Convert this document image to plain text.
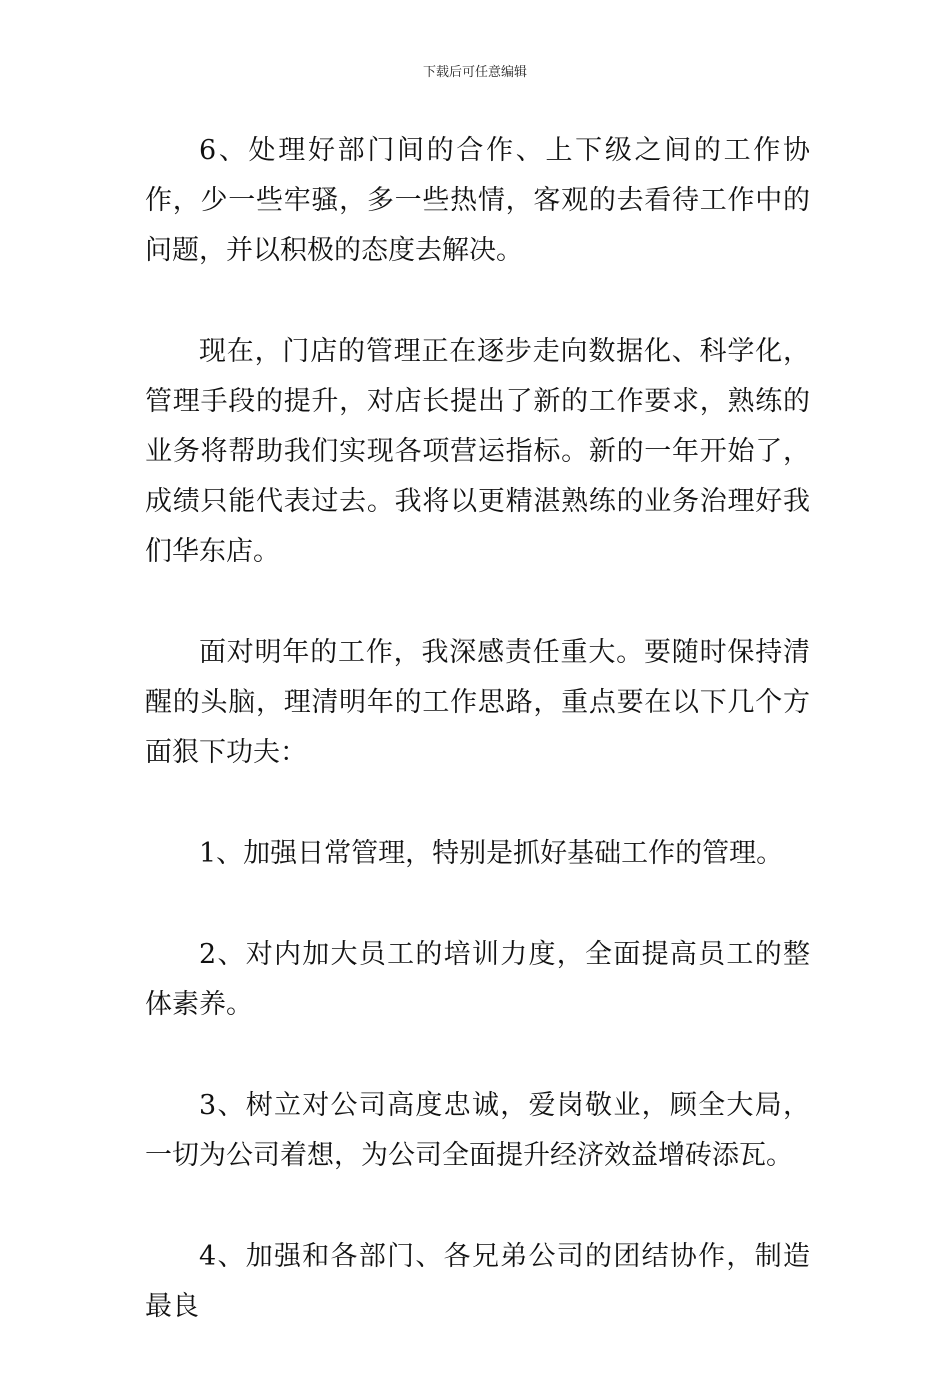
下载后可任意编辑

6、处理好部门间的合作、上下级之间的工作协作，少一些牢骚，多一些热情，客观的去看待工作中的问题，并以积极的态度去解决。

现在，门店的管理正在逐步走向数据化、科学化，管理手段的提升，对店长提出了新的工作要求，熟练的业务将帮助我们实现各项营运指标。新的一年开始了，成绩只能代表过去。我将以更精湛熟练的业务治理好我们华东店。

面对明年的工作，我深感责任重大。要随时保持清醒的头脑，理清明年的工作思路，重点要在以下几个方面狠下功夫：

1、加强日常管理，特别是抓好基础工作的管理。

2、对内加大员工的培训力度，全面提高员工的整体素养。

3、树立对公司高度忠诚，爱岗敬业，顾全大局，一切为公司着想，为公司全面提升经济效益增砖添瓦。

4、加强和各部门、各兄弟公司的团结协作，制造最良
